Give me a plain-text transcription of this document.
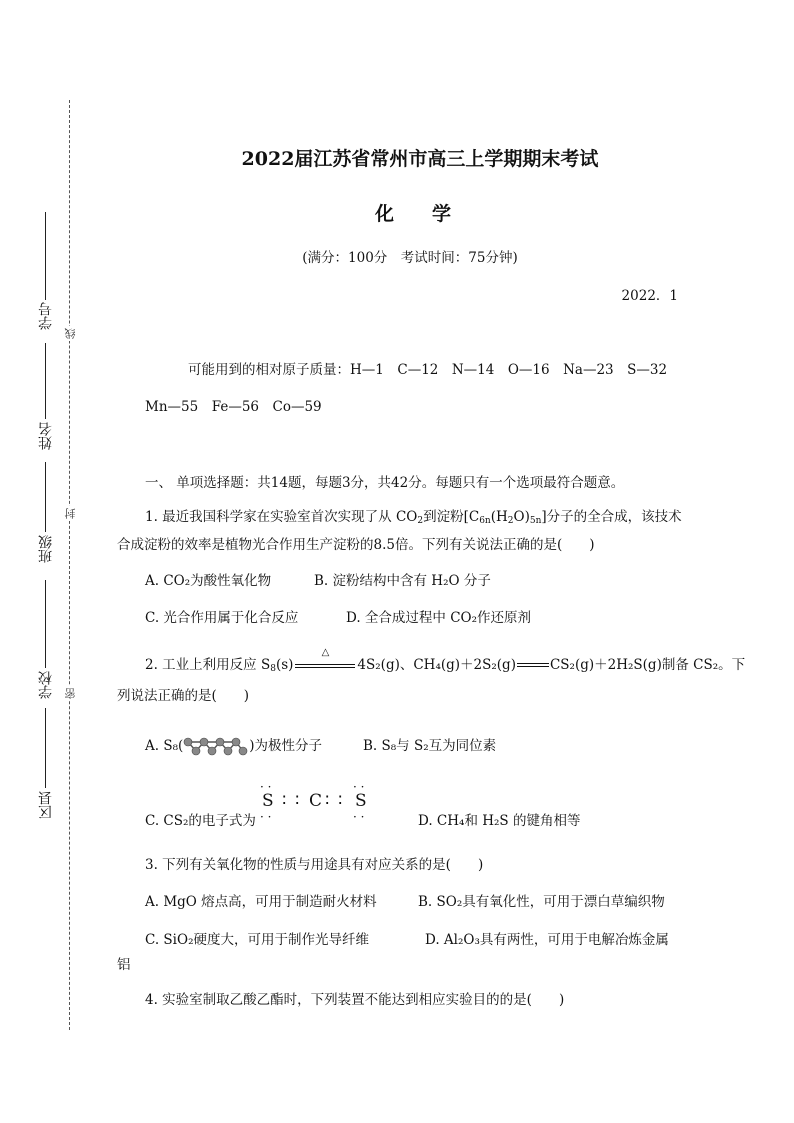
学号
姓名
班级
学校
区县
线
封
密
2022届江苏省常州市高三上学期期末考试
化　　学
(满分：100分　考试时间：75分钟)
2022．1
可能用到的相对原子质量：H—1　C—12　N—14　O—16　Na—23　S—32
Mn—55　Fe—56　Co—59
一、 单项选择题：共14题，每题3分，共42分。每题只有一个选项最符合题意。
1. 最近我国科学家在实验室首次实现了从 $CO_2$到淀粉$[C_{6n}(H_2O)_{5n}]$分子的全合成，该技术合成淀粉的效率是植物光合作用生产淀粉的8.5倍。下列有关说法正确的是(　　)
A. CO₂为酸性氧化物	B. 淀粉结构中含有 H₂O 分子
C. 光合作用属于化合反应	D. 全合成过程中 CO₂作还原剂
2. 工业上利用反应 $S_8(s)$
△
4S₂(g)、CH₄(g)＋2S₂(g)	CS₂(g)＋2H₂S(g)制备 CS₂。下
列说法正确的是(　　)
A. S₈(	)为极性分子	B. S₈与 S₂互为同位素
C. CS₂的电子式为
· ·	· ·
S ∶ ∶ C ∶ ∶ S
· ·	· ·	D. CH₄和 H₂S 的键角相等
3. 下列有关氧化物的性质与用途具有对应关系的是(　　)
A. MgO 熔点高，可用于制造耐火材料	B. SO₂具有氧化性，可用于漂白草编织物
C. SiO₂硬度大，可用于制作光导纤维	D. Al₂O₃具有两性，可用于电解冶炼金属
铝
4. 实验室制取乙酸乙酯时，下列装置不能达到相应实验目的的是(　　)
